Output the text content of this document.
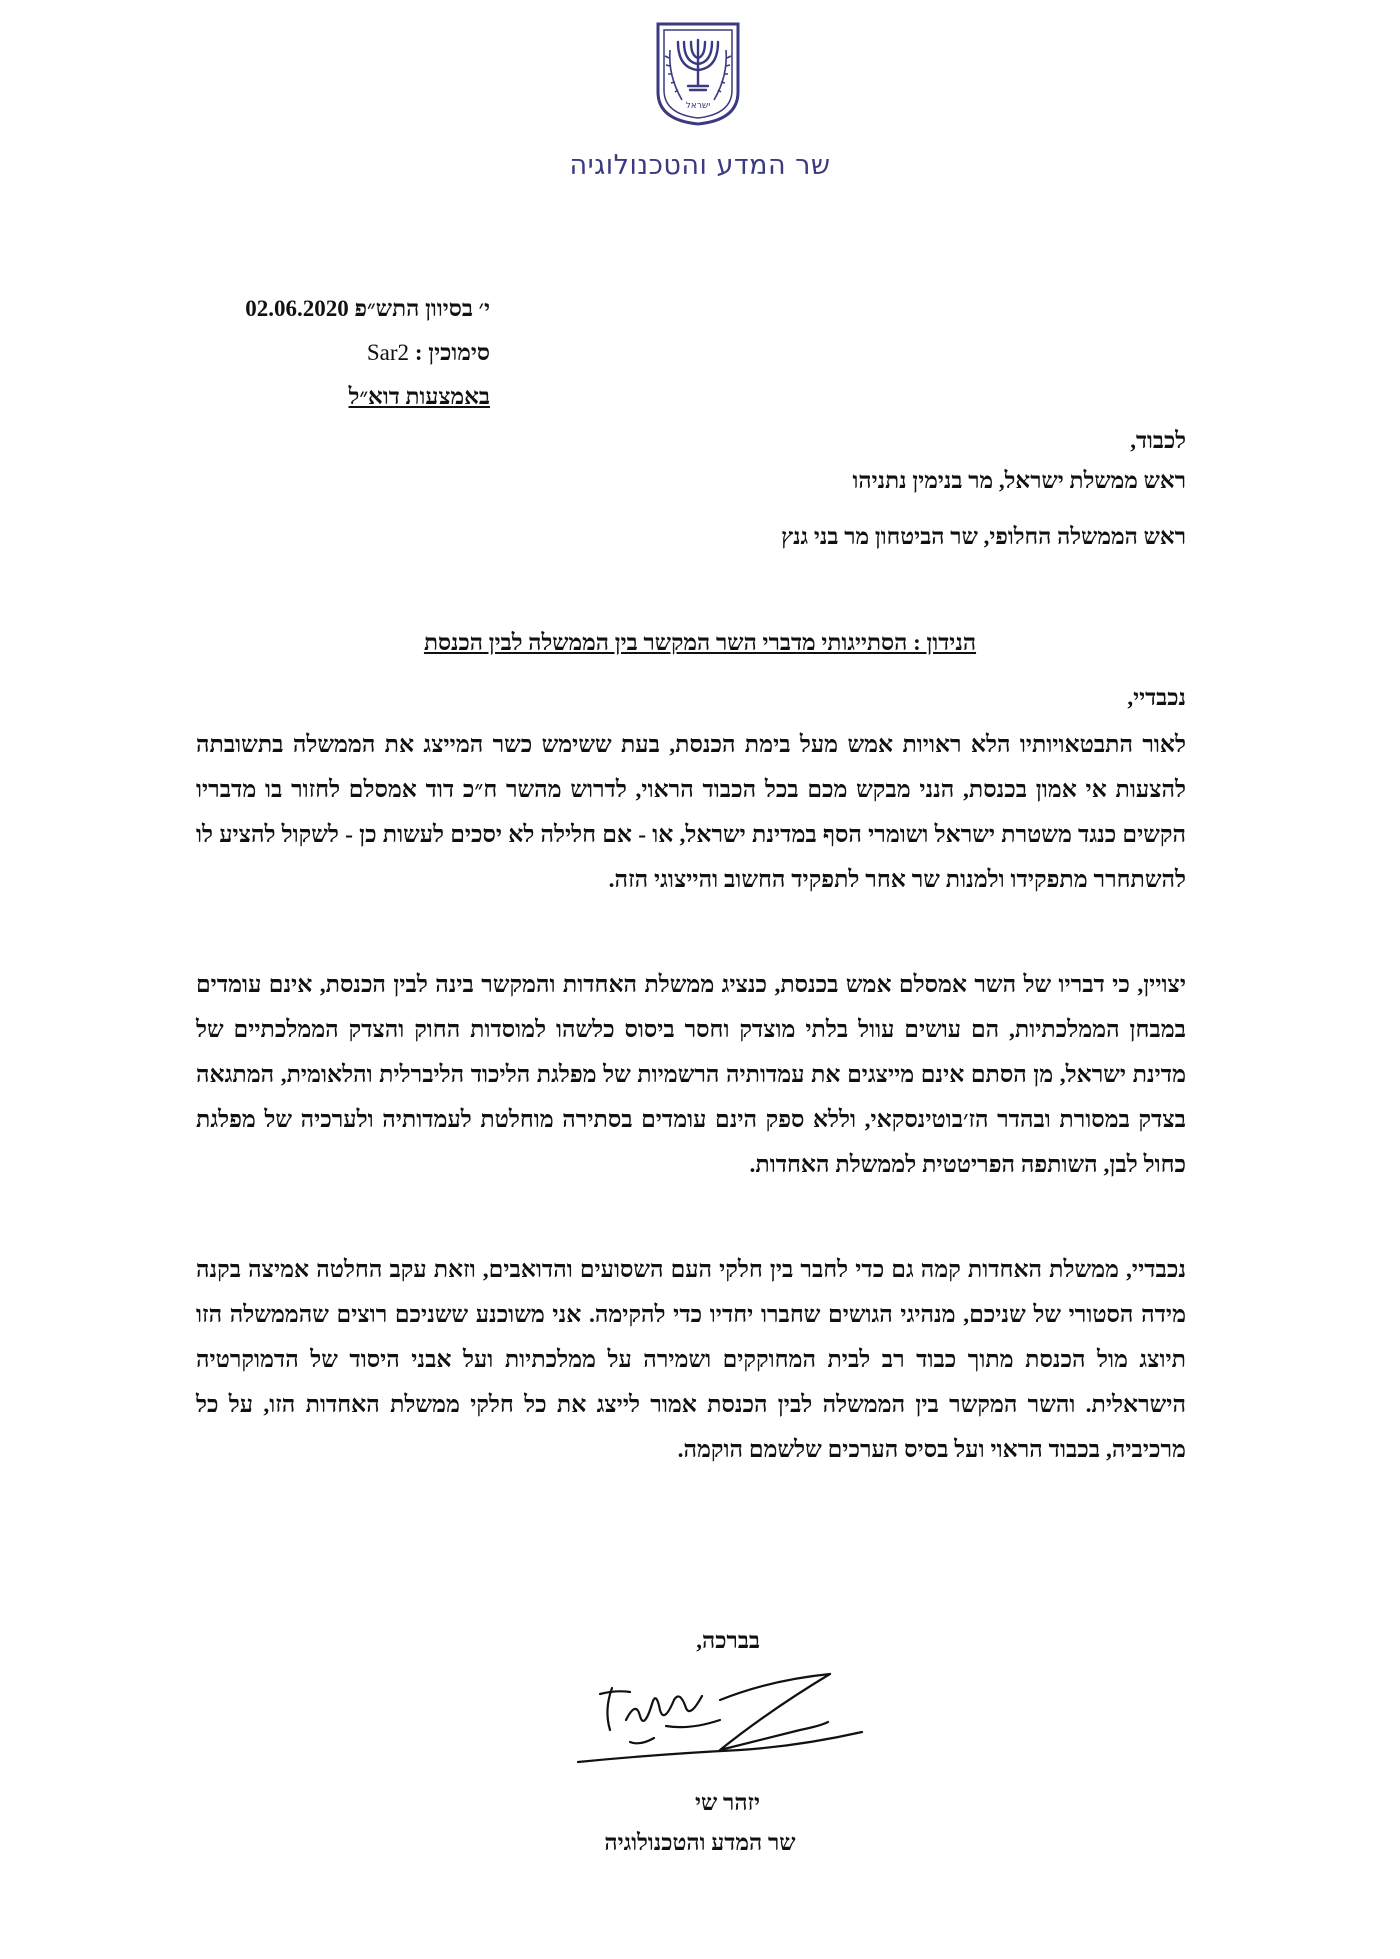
ישראל
שר המדע והטכנולוגיה
י׳ בסיוון התש״פ 02.06.2020
סימוכין : Sar2
באמצעות דוא״ל
לכבוד,
ראש ממשלת ישראל, מר בנימין נתניהו
ראש הממשלה החלופי, שר הביטחון מר בני גנץ
הנידון : הסתייגותי מדברי השר המקשר בין הממשלה לבין הכנסת
נכבדיי,

לאור התבטאויותיו הלא ראויות אמש מעל בימת הכנסת, בעת ששימש כשר המייצג את הממשלה בתשובתה להצעות אי אמון בכנסת, הנני מבקש מכם בכל הכבוד הראוי, לדרוש מהשר ח״כ דוד אמסלם לחזור בו מדבריו הקשים כנגד משטרת ישראל ושומרי הסף במדינת ישראל, או - אם חלילה לא יסכים לעשות כן - לשקול להציע לו להשתחרר מתפקידו ולמנות שר אחר לתפקיד החשוב והייצוגי הזה.

יצויין, כי דבריו של השר אמסלם אמש בכנסת, כנציג ממשלת האחדות והמקשר בינה לבין הכנסת, אינם עומדים במבחן הממלכתיות, הם עושים עוול בלתי מוצדק וחסר ביסוס כלשהו למוסדות החוק והצדק הממלכתיים של מדינת ישראל, מן הסתם אינם מייצגים את עמדותיה הרשמיות של מפלגת הליכוד הליברלית והלאומית, המתגאה בצדק במסורת ובהדר הז׳בוטינסקאי, וללא ספק הינם עומדים בסתירה מוחלטת לעמדותיה ולערכיה של מפלגת כחול לבן, השותפה הפריטטית לממשלת האחדות.

נכבדיי, ממשלת האחדות קמה גם כדי לחבר בין חלקי העם השסועים והדואבים, וזאת עקב החלטה אמיצה בקנה מידה הסטורי של שניכם, מנהיגי הגושים שחברו יחדיו כדי להקימה. אני משוכנע ששניכם רוצים שהממשלה הזו תיוצג מול הכנסת מתוך כבוד רב לבית המחוקקים ושמירה על ממלכתיות ועל אבני היסוד של הדמוקרטיה הישראלית. והשר המקשר בין הממשלה לבין הכנסת אמור לייצג את כל חלקי ממשלת האחדות הזו, על כל מרכיביה, בכבוד הראוי ועל בסיס הערכים שלשמם הוקמה.

בברכה,
יזהר שי
שר המדע והטכנולוגיה
